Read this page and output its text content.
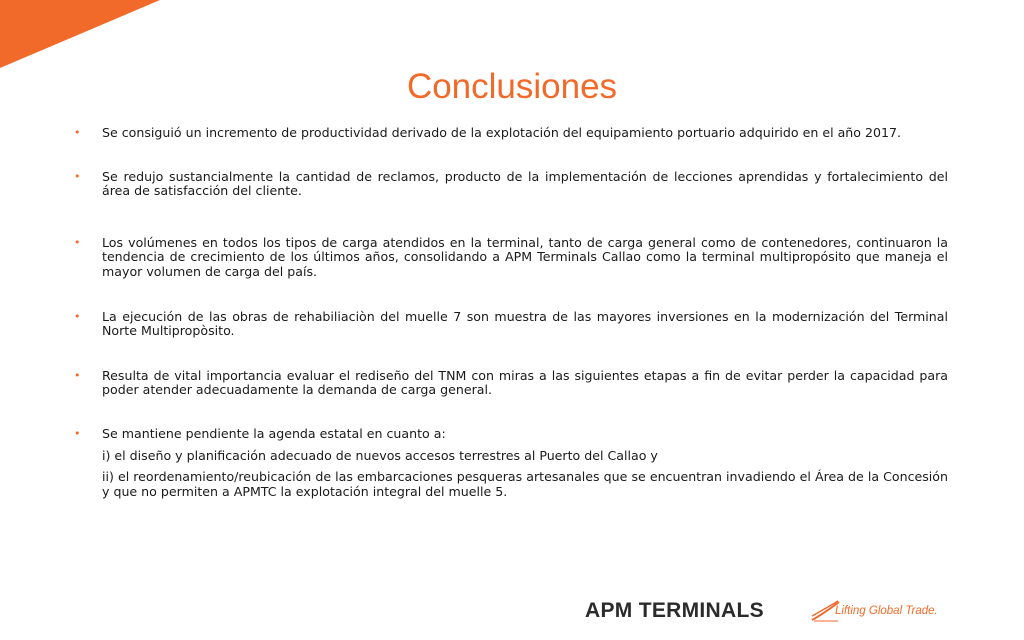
Conclusiones
• Se consiguió un incremento de productividad derivado de la explotación del equipamiento portuario adquirido en el año 2017.
• Se redujo sustancialmente la cantidad de reclamos, producto de la implementación de lecciones aprendidas y fortalecimiento del área de satisfacción del cliente.
• Los volúmenes en todos los tipos de carga atendidos en la terminal, tanto de carga general como de contenedores, continuaron la tendencia de crecimiento de los últimos años, consolidando a APM Terminals Callao como la terminal multipropósito que maneja el mayor volumen de carga del país.
• La ejecución de las obras de rehabiliaciòn del muelle 7 son muestra de las mayores inversiones en la modernización del Terminal Norte Multipropòsito.
• Resulta de vital importancia evaluar el rediseño del TNM con miras a las siguientes etapas a fin de evitar perder la capacidad para poder atender adecuadamente la demanda de carga general.
• Se mantiene pendiente la agenda estatal en cuanto a:
i) el diseño y planificación adecuado de nuevos accesos terrestres al Puerto del Callao y
ii) el reordenamiento/reubicación de las embarcaciones pesqueras artesanales que se encuentran invadiendo el Área de la Concesión y que no permiten a APMTC la explotación integral del muelle 5.
APM TERMINALS	Lifting Global Trade.
